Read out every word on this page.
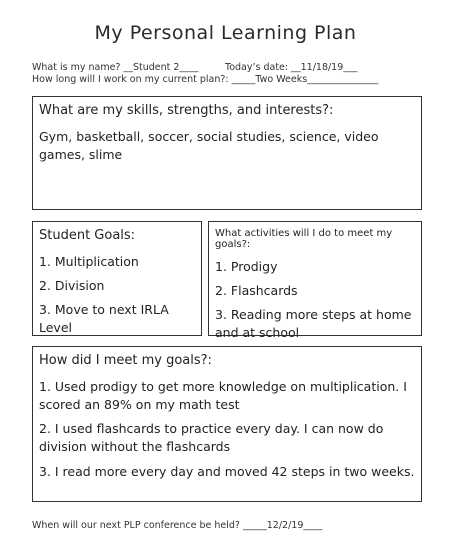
My Personal Learning Plan
What is my name? __Student 2____	Today’s date: __11/18/19___
How long will I work on my current plan?: _____Two Weeks_______________
What are my skills, strengths, and interests?:
Gym, basketball, soccer, social studies, science, video games, slime
Student Goals:
1. Multiplication
2. Division
3. Move to next IRLA Level
What activities will I do to meet my goals?:
1. Prodigy
2. Flashcards
3. Reading more steps at home and at school
How did I meet my goals?:
1. Used prodigy to get more knowledge on multiplication. I scored an 89% on my math test
2. I used flashcards to practice every day. I can now do division without the flashcards
3. I read more every day and moved 42 steps in two weeks.
When will our next PLP conference be held? _____12/2/19____
